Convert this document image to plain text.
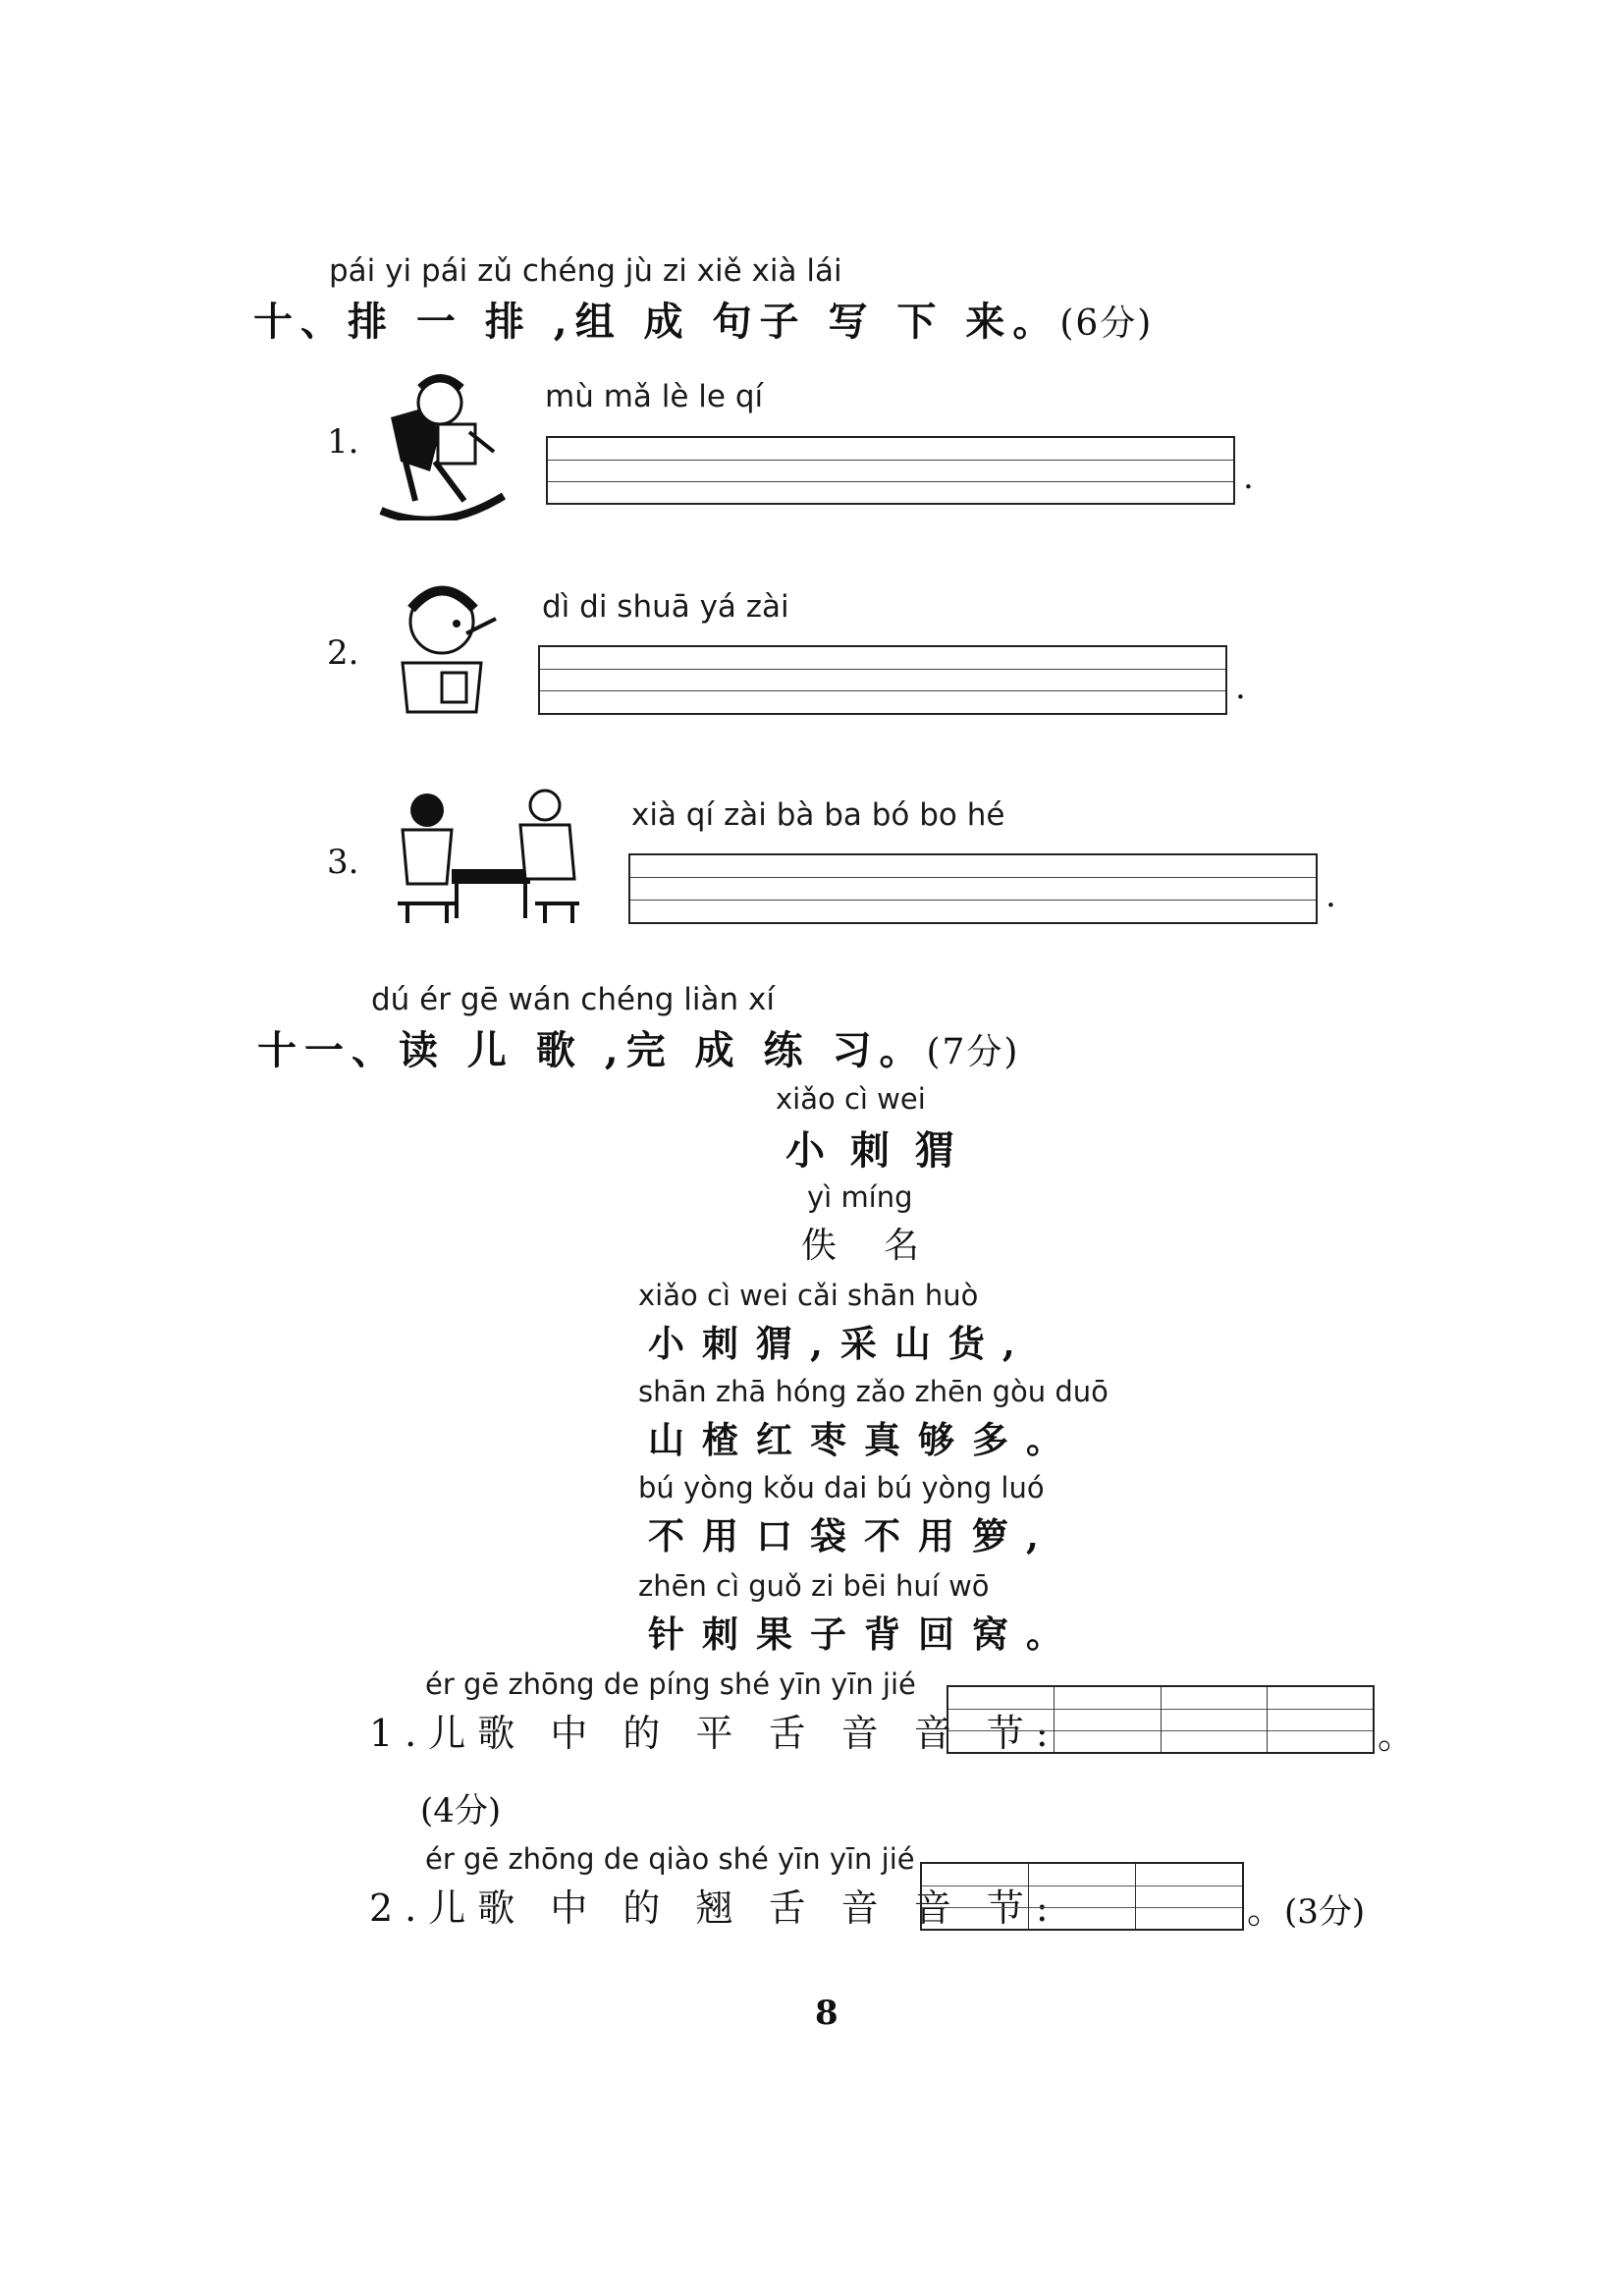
pái yi pái zǔ chéng jù zi xiě xià lái
十、排 一 排 ,组 成 句子 写 下 来。(6分)
1.
.
mù mǎ lè le qí
2.
.
dì di shuā yá zài
3.
.
xià qí zài bà ba bó bo hé
dú ér gē wán chéng liàn xí
十一、读 儿 歌 ,完 成 练 习。(7分)
xiǎo cì wei
小刺猬
yì míng
佚名
xiǎo cì wei cǎi shān huò
小刺猬,采山货,
shān zhā hóng zǎo zhēn gòu duō
山楂红枣真够多。
bú yòng kǒu dai bú yòng luó
不用口袋不用箩,
zhēn cì guǒ zi bēi huí wō
针刺果子背回窝。
ér gē zhōng de píng shé yīn yīn jié
1.儿歌 中 的 平 舌 音 音 节:	。
(4分)
ér gē zhōng de qiào shé yīn yīn jié
2.儿歌 中 的 翘 舌 音 音 节:	。(3分)
8
